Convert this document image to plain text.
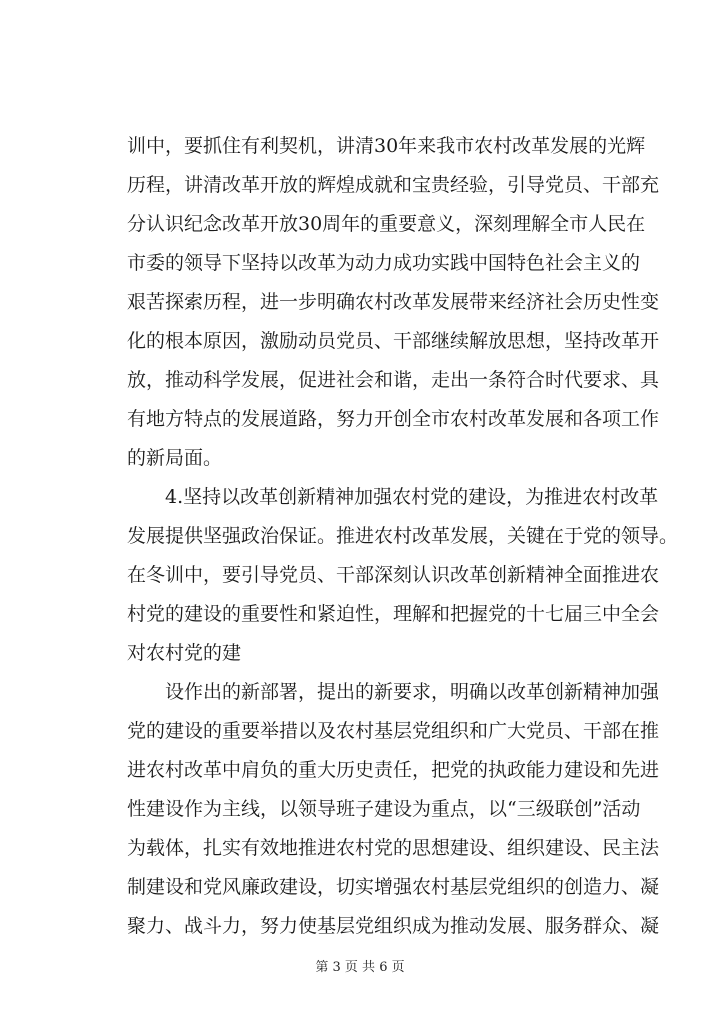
训中，要抓住有利契机，讲清30年来我市农村改革发展的光辉
历程，讲清改革开放的辉煌成就和宝贵经验，引导党员、干部充
分认识纪念改革开放30周年的重要意义，深刻理解全市人民在
市委的领导下坚持以改革为动力成功实践中国特色社会主义的
艰苦探索历程，进一步明确农村改革发展带来经济社会历史性变
化的根本原因，激励动员党员、干部继续解放思想，坚持改革开
放，推动科学发展，促进社会和谐，走出一条符合时代要求、具
有地方特点的发展道路，努力开创全市农村改革发展和各项工作
的新局面。
4.坚持以改革创新精神加强农村党的建设，为推进农村改革
发展提供坚强政治保证。推进农村改革发展，关键在于党的领导。
在冬训中，要引导党员、干部深刻认识改革创新精神全面推进农
村党的建设的重要性和紧迫性，理解和把握党的十七届三中全会
对农村党的建
设作出的新部署，提出的新要求，明确以改革创新精神加强
党的建设的重要举措以及农村基层党组织和广大党员、干部在推
进农村改革中肩负的重大历史责任，把党的执政能力建设和先进
性建设作为主线，以领导班子建设为重点，以“三级联创”活动
为载体，扎实有效地推进农村党的思想建设、组织建设、民主法
制建设和党风廉政建设，切实增强农村基层党组织的创造力、凝
聚力、战斗力，努力使基层党组织成为推动发展、服务群众、凝
第 3 页 共 6 页
